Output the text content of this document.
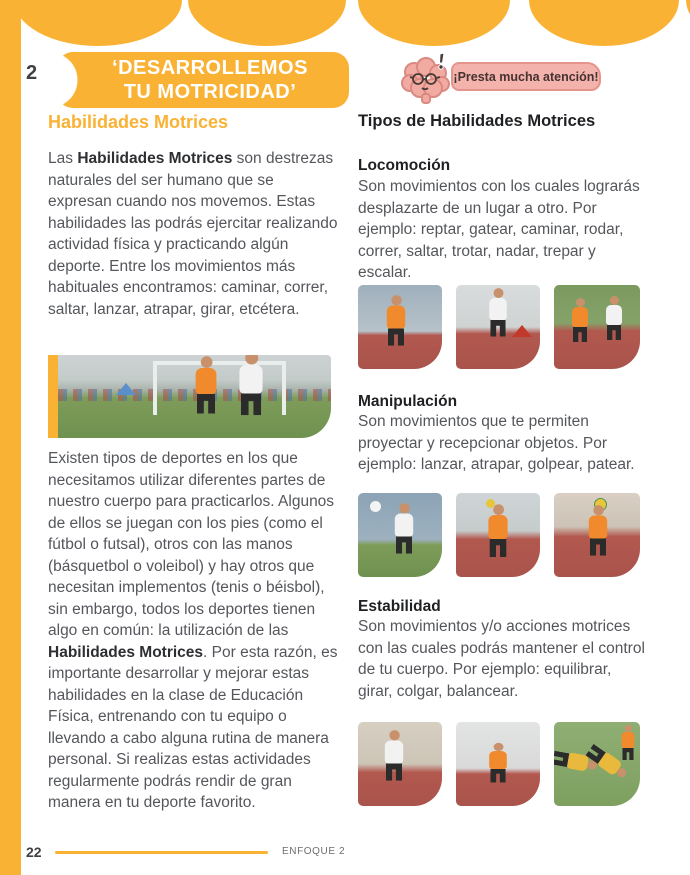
2	‘DESARROLLEMOS
TU MOTRICIDAD’
¡Presta mucha atención!
Habilidades Motrices

Las Habilidades Motrices son destrezas naturales del ser humano que se expresan cuando nos movemos. Estas habilidades las podrás ejercitar realizando actividad física y practicando algún deporte. Entre los movimientos más habituales encontramos: caminar, correr, saltar, lanzar, atrapar, girar, etcétera.

Existen tipos de deportes en los que necesitamos utilizar diferentes partes de nuestro cuerpo para practicarlos. Algunos de ellos se juegan con los pies (como el fútbol o futsal), otros con las manos (básquetbol o voleibol) y hay otros que necesitan implementos (tenis o béisbol), sin embargo, todos los deportes tienen algo en común: la utilización de las Habilidades Motrices. Por esta razón, es importante desarrollar y mejorar estas habilidades en la clase de Educación Física, entrenando con tu equipo o llevando a cabo alguna rutina de manera personal. Si realizas estas actividades regularmente podrás rendir de gran manera en tu deporte favorito.

Tipos de Habilidades Motrices
Locomoción

Son movimientos con los cuales lograrás desplazarte de un lugar a otro. Por ejemplo: reptar, gatear, caminar, rodar, correr, saltar, trotar, nadar, trepar y escalar.

Manipulación

Son movimientos que te permiten proyectar y recepcionar objetos. Por ejemplo: lanzar, atrapar, golpear, patear.

Estabilidad

Son movimientos y/o acciones motrices con las cuales podrás mantener el control de tu cuerpo. Por ejemplo: equilibrar, girar, colgar, balancear.

22	ENFOQUE 2
